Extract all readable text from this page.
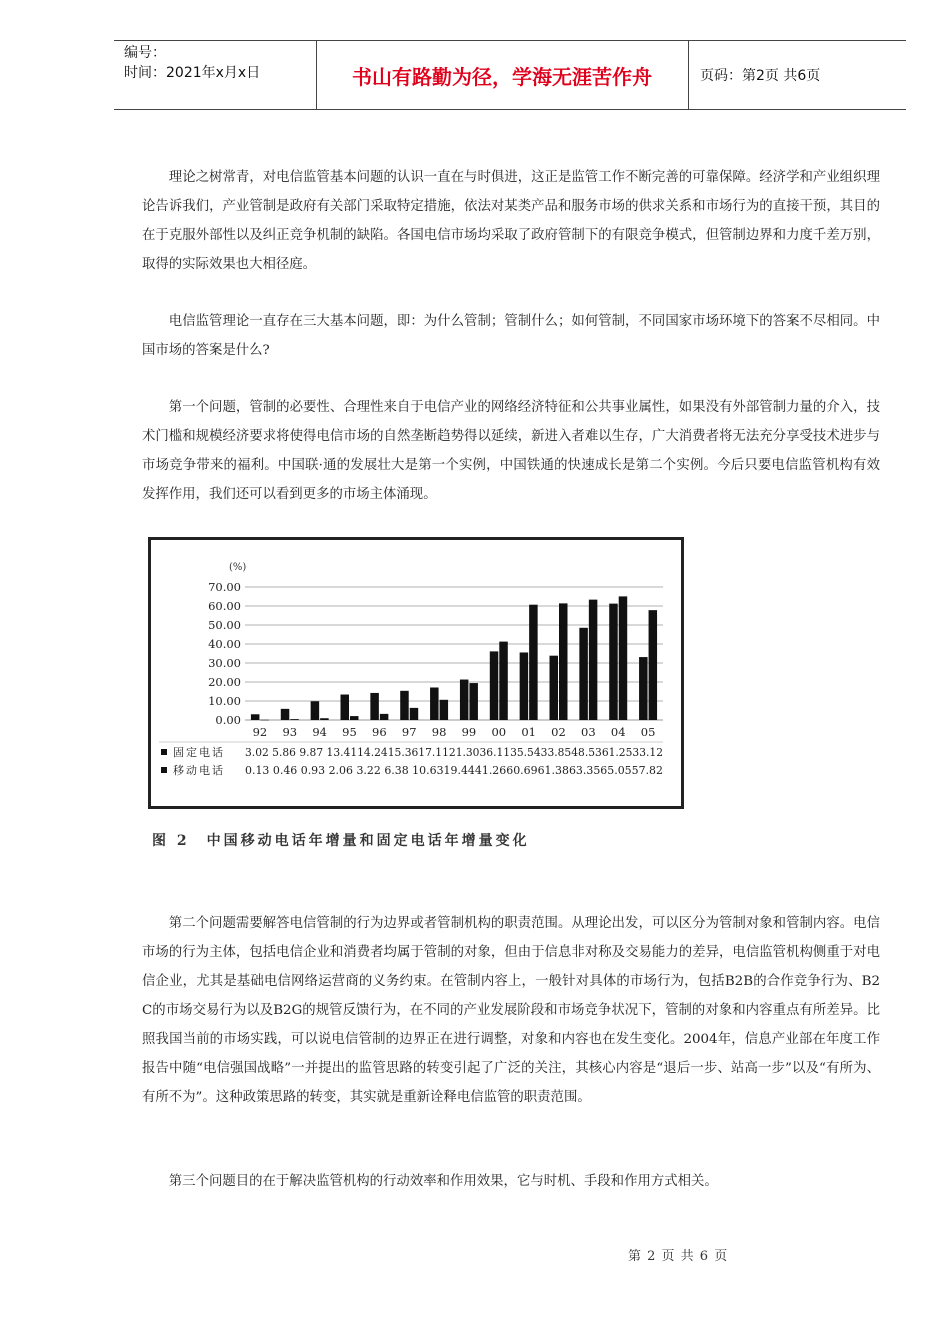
编号：
时间：2021年x月x日	书山有路勤为径，学海无涯苦作舟	页码：第2页 共6页

理论之树常青，对电信监管基本问题的认识一直在与时俱进，这正是监管工作不断完善的可靠保障。经济学和产业组织理论告诉我们，产业管制是政府有关部门采取特定措施，依法对某类产品和服务市场的供求关系和市场行为的直接干预，其目的在于克服外部性以及纠正竞争机制的缺陷。各国电信市场均采取了政府管制下的有限竞争模式，但管制边界和力度千差万别，取得的实际效果也大相径庭。

电信监管理论一直存在三大基本问题，即：为什么管制；管制什么；如何管制，不同国家市场环境下的答案不尽相同。中国市场的答案是什么?

第一个问题，管制的必要性、合理性来自于电信产业的网络经济特征和公共事业属性，如果没有外部管制力量的介入，技术门槛和规模经济要求将使得电信市场的自然垄断趋势得以延续，新进入者难以生存，广大消费者将无法充分享受技术进步与市场竞争带来的福利。中国联·通的发展壮大是第一个实例，中国铁通的快速成长是第二个实例。今后只要电信监管机构有效发挥作用，我们还可以看到更多的市场主体涌现。

(%)
70.00
60.00
50.00
40.00
30.00
20.00
10.00
0.00
92 93 94 95 96 97 98 99 00 01 02 03 04 05
固定电话 3.02 5.86 9.87 13.4114.2415.3617.1121.3036.1135.5433.8548.5361.2533.12
移动电话 0.13 0.46 0.93 2.06 3.22 6.38 10.6319.4441.2660.6961.3863.3565.0557.82
图 2　中国移动电话年增量和固定电话年增量变化

第二个问题需要解答电信管制的行为边界或者管制机构的职责范围。从理论出发，可以区分为管制对象和管制内容。电信市场的行为主体，包括电信企业和消费者均属于管制的对象，但由于信息非对称及交易能力的差异，电信监管机构侧重于对电信企业，尤其是基础电信网络运营商的义务约束。在管制内容上，一般针对具体的市场行为，包括B2B的合作竞争行为、B2C的市场交易行为以及B2G的规管反馈行为，在不同的产业发展阶段和市场竞争状况下，管制的对象和内容重点有所差异。比照我国当前的市场实践，可以说电信管制的边界正在进行调整，对象和内容也在发生变化。2004年，信息产业部在年度工作报告中随“电信强国战略”一并提出的监管思路的转变引起了广泛的关注，其核心内容是“退后一步、站高一步”以及“有所为、有所不为”。这种政策思路的转变，其实就是重新诠释电信监管的职责范围。

第三个问题目的在于解决监管机构的行动效率和作用效果，它与时机、手段和作用方式相关。

第 2 页 共 6 页
